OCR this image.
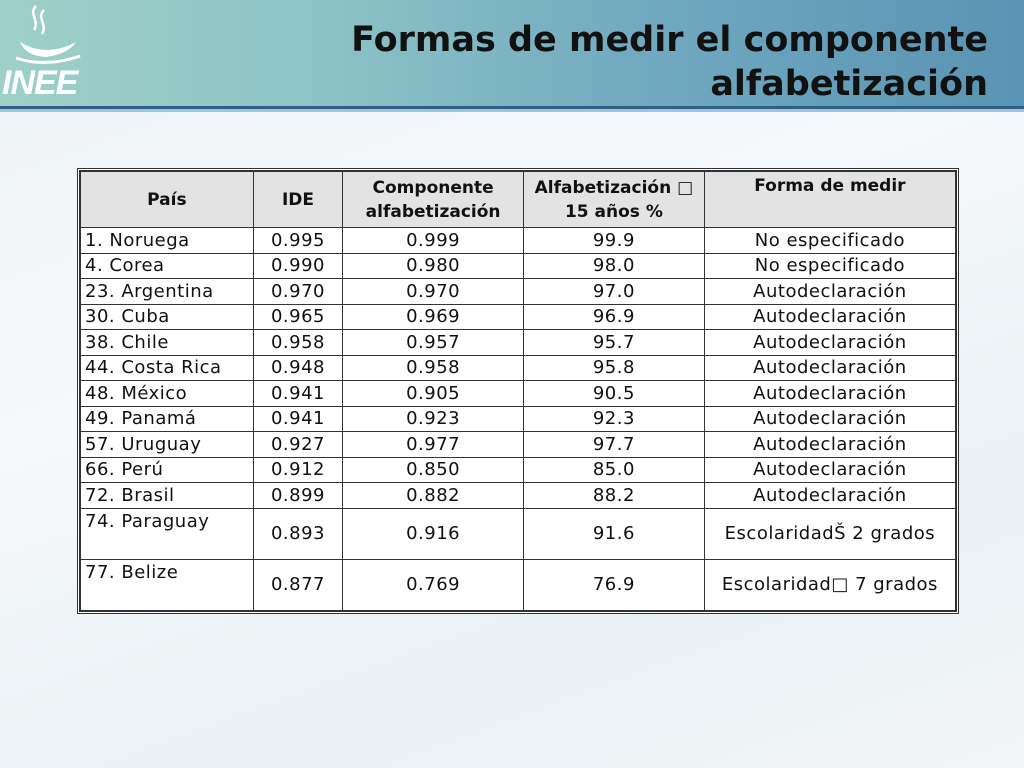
INEE
Formas de medir el componente
alfabetización
País	IDE	Componente alfabetización	Alfabetización □ 15 años %	Forma de medir
1. Noruega	0.995	0.999	99.9	No especificado
4. Corea	0.990	0.980	98.0	No especificado
23. Argentina	0.970	0.970	97.0	Autodeclaración
30. Cuba	0.965	0.969	96.9	Autodeclaración
38. Chile	0.958	0.957	95.7	Autodeclaración
44. Costa Rica	0.948	0.958	95.8	Autodeclaración
48. México	0.941	0.905	90.5	Autodeclaración
49. Panamá	0.941	0.923	92.3	Autodeclaración
57. Uruguay	0.927	0.977	97.7	Autodeclaración
66. Perú	0.912	0.850	85.0	Autodeclaración
72. Brasil	0.899	0.882	88.2	Autodeclaración
74. Paraguay	0.893	0.916	91.6	EscolaridadŠ 2 grados
77. Belize	0.877	0.769	76.9	Escolaridad□ 7 grados
